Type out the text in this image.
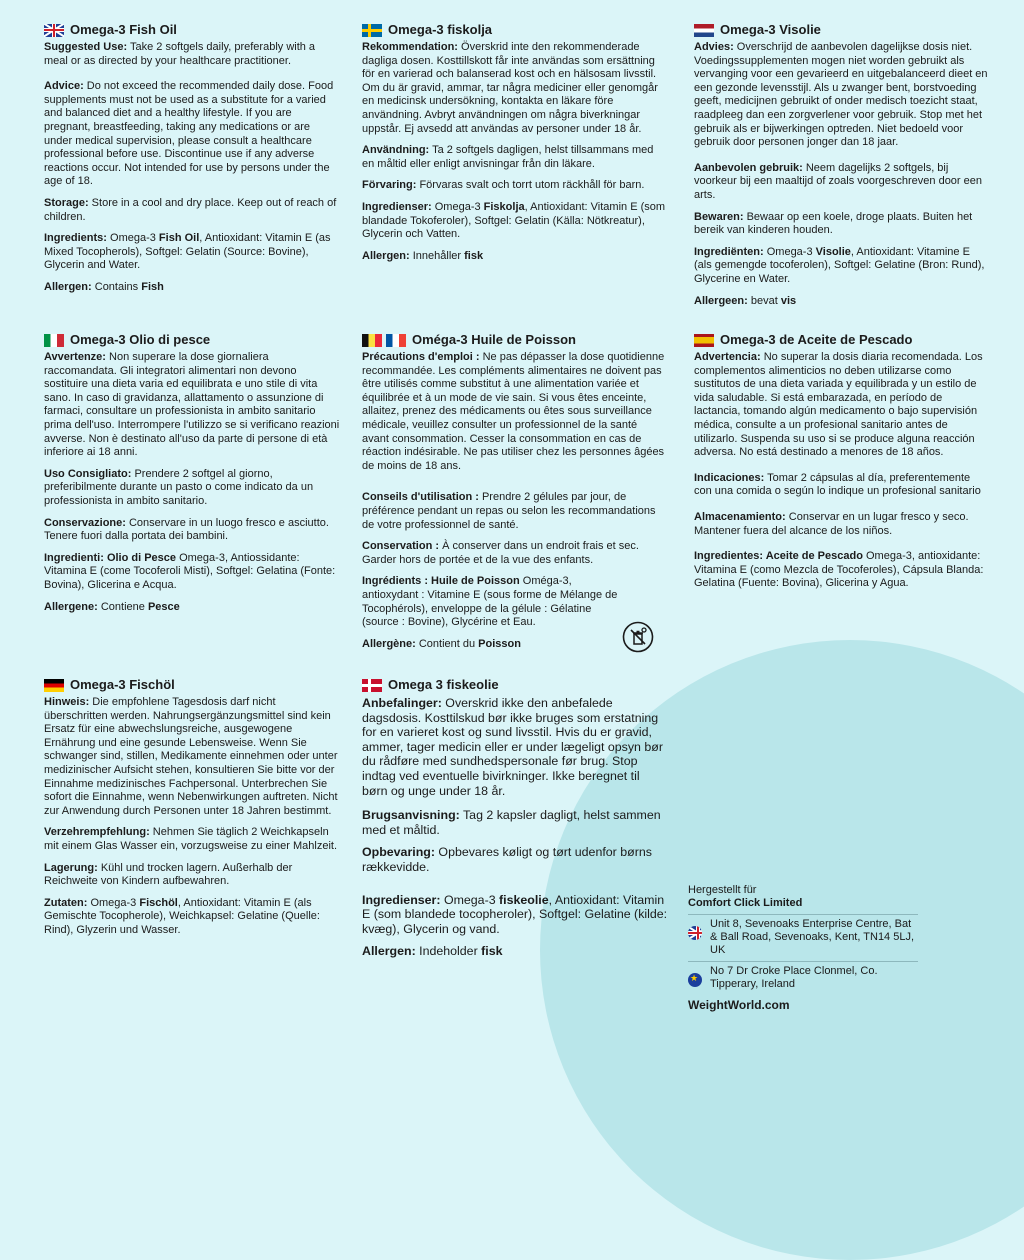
Omega-3 Fish Oil

Suggested Use: Take 2 softgels daily, preferably with a meal or as directed by your healthcare practitioner.

Advice: Do not exceed the recommended daily dose. Food supplements must not be used as a substitute for a varied and balanced diet and a healthy lifestyle. If you are pregnant, breastfeeding, taking any medications or are under medical supervision, please consult a healthcare professional before use. Discontinue use if any adverse reactions occur. Not intended for use by persons under the age of 18.

Storage: Store in a cool and dry place. Keep out of reach of children.

Ingredients: Omega-3 Fish Oil, Antioxidant: Vitamin E (as Mixed Tocopherols), Softgel: Gelatin (Source: Bovine), Glycerin and Water.

Allergen: Contains Fish

Omega-3 fiskolja

Rekommendation: Överskrid inte den rekommenderade dagliga dosen. Kosttillskott får inte användas som ersättning för en varierad och balanserad kost och en hälsosam livsstil. Om du är gravid, ammar, tar några mediciner eller genomgår en medicinsk undersökning, kontakta en läkare före användning. Avbryt användningen om några biverkningar uppstår. Ej avsedd att användas av personer under 18 år.

Användning: Ta 2 softgels dagligen, helst tillsammans med en måltid eller enligt anvisningar från din läkare.

Förvaring: Förvaras svalt och torrt utom räckhåll för barn.

Ingredienser: Omega-3 Fiskolja, Antioxidant: Vitamin E (som blandade Tokoferoler), Softgel: Gelatin (Källa: Nötkreatur), Glycerin och Vatten.

Allergen: Innehåller fisk

Omega-3 Visolie

Advies: Overschrijd de aanbevolen dagelijkse dosis niet. Voedingssupplementen mogen niet worden gebruikt als vervanging voor een gevarieerd en uitgebalanceerd dieet en een gezonde levensstijl. Als u zwanger bent, borstvoeding geeft, medicijnen gebruikt of onder medisch toezicht staat, raadpleeg dan een zorgverlener voor gebruik. Stop met het gebruik als er bijwerkingen optreden. Niet bedoeld voor gebruik door personen jonger dan 18 jaar.

Aanbevolen gebruik: Neem dagelijks 2 softgels, bij voorkeur bij een maaltijd of zoals voorgeschreven door een arts.

Bewaren: Bewaar op een koele, droge plaats. Buiten het bereik van kinderen houden.

Ingrediënten: Omega-3 Visolie, Antioxidant: Vitamine E (als gemengde tocoferolen), Softgel: Gelatine (Bron: Rund), Glycerine en Water.

Allergeen: bevat vis

Omega-3 Olio di pesce

Avvertenze: Non superare la dose giornaliera raccomandata. Gli integratori alimentari non devono sostituire una dieta varia ed equilibrata e uno stile di vita sano. In caso di gravidanza, allattamento o assunzione di farmaci, consultare un professionista in ambito sanitario prima dell'uso. Interrompere l'utilizzo se si verificano reazioni avverse. Non è destinato all'uso da parte di persone di età inferiore ai 18 anni.

Uso Consigliato: Prendere 2 softgel al giorno, preferibilmente durante un pasto o come indicato da un professionista in ambito sanitario.

Conservazione: Conservare in un luogo fresco e asciutto. Tenere fuori dalla portata dei bambini.

Ingredienti: Olio di Pesce Omega-3, Antiossidante: Vitamina E (come Tocoferoli Misti), Softgel: Gelatina (Fonte: Bovina), Glicerina e Acqua.

Allergene: Contiene Pesce

Oméga-3 Huile de Poisson

Précautions d'emploi : Ne pas dépasser la dose quotidienne recommandée. Les compléments alimentaires ne doivent pas être utilisés comme substitut à une alimentation variée et équilibrée et à un mode de vie sain. Si vous êtes enceinte, allaitez, prenez des médicaments ou êtes sous surveillance médicale, veuillez consulter un professionnel de la santé avant consommation. Cesser la consommation en cas de réaction indésirable. Ne pas utiliser chez les personnes âgées de moins de 18 ans.

Conseils d'utilisation : Prendre 2 gélules par jour, de préférence pendant un repas ou selon les recommandations de votre professionnel de santé.

Conservation : À conserver dans un endroit frais et sec. Garder hors de portée et de la vue des enfants.

Ingrédients : Huile de Poisson Oméga-3, antioxydant : Vitamine E (sous forme de Mélange de Tocophérols), enveloppe de la gélule : Gélatine (source : Bovine), Glycérine et Eau.

Allergène: Contient du Poisson

Omega-3 de Aceite de Pescado

Advertencia: No superar la dosis diaria recomendada. Los complementos alimenticios no deben utilizarse como sustitutos de una dieta variada y equilibrada y un estilo de vida saludable. Si está embarazada, en período de lactancia, tomando algún medicamento o bajo supervisión médica, consulte a un profesional sanitario antes de utilizarlo. Suspenda su uso si se produce alguna reacción adversa. No está destinado a menores de 18 años.

Indicaciones: Tomar 2 cápsulas al día, preferentemente con una comida o según lo indique un profesional sanitario

Almacenamiento: Conservar en un lugar fresco y seco. Mantener fuera del alcance de los niños.

Ingredientes: Aceite de Pescado Omega-3, antioxidante: Vitamina E (como Mezcla de Tocoferoles), Cápsula Blanda: Gelatina (Fuente: Bovina), Glicerina y Agua.

Omega-3 Fischöl

Hinweis: Die empfohlene Tagesdosis darf nicht überschritten werden. Nahrungsergänzungsmittel sind kein Ersatz für eine abwechslungsreiche, ausgewogene Ernährung und eine gesunde Lebensweise. Wenn Sie schwanger sind, stillen, Medikamente einnehmen oder unter medizinischer Aufsicht stehen, konsultieren Sie bitte vor der Einnahme medizinisches Fachpersonal. Unterbrechen Sie sofort die Einnahme, wenn Nebenwirkungen auftreten. Nicht zur Anwendung durch Personen unter 18 Jahren bestimmt.

Verzehrempfehlung: Nehmen Sie täglich 2 Weichkapseln mit einem Glas Wasser ein, vorzugsweise zu einer Mahlzeit.

Lagerung: Kühl und trocken lagern. Außerhalb der Reichweite von Kindern aufbewahren.

Zutaten: Omega-3 Fischöl, Antioxidant: Vitamin E (als Gemischte Tocopherole), Weichkapsel: Gelatine (Quelle: Rind), Glyzerin und Wasser.

Omega 3 fiskeolie

Anbefalinger: Overskrid ikke den anbefalede dagsdosis. Kosttilskud bør ikke bruges som erstatning for en varieret kost og sund livsstil. Hvis du er gravid, ammer, tager medicin eller er under lægeligt opsyn bør du rådføre med sundhedspersonale før brug. Stop indtag ved eventuelle bivirkninger. Ikke beregnet til børn og unge under 18 år.

Brugsanvisning: Tag 2 kapsler dagligt, helst sammen med et måltid.

Opbevaring: Opbevares køligt og tørt udenfor børns rækkevidde.

Ingredienser: Omega-3 fiskeolie, Antioxidant: Vitamin E (som blandede tocopheroler), Softgel: Gelatine (kilde: kvæg), Glycerin og vand.

Allergen: Indeholder fisk

Hergestellt für

Comfort Click Limited

Unit 8, Sevenoaks Enterprise Centre, Bat & Ball Road, Sevenoaks, Kent, TN14 5LJ, UK
★
No 7 Dr Croke Place Clonmel, Co. Tipperary, Ireland
WeightWorld.com
